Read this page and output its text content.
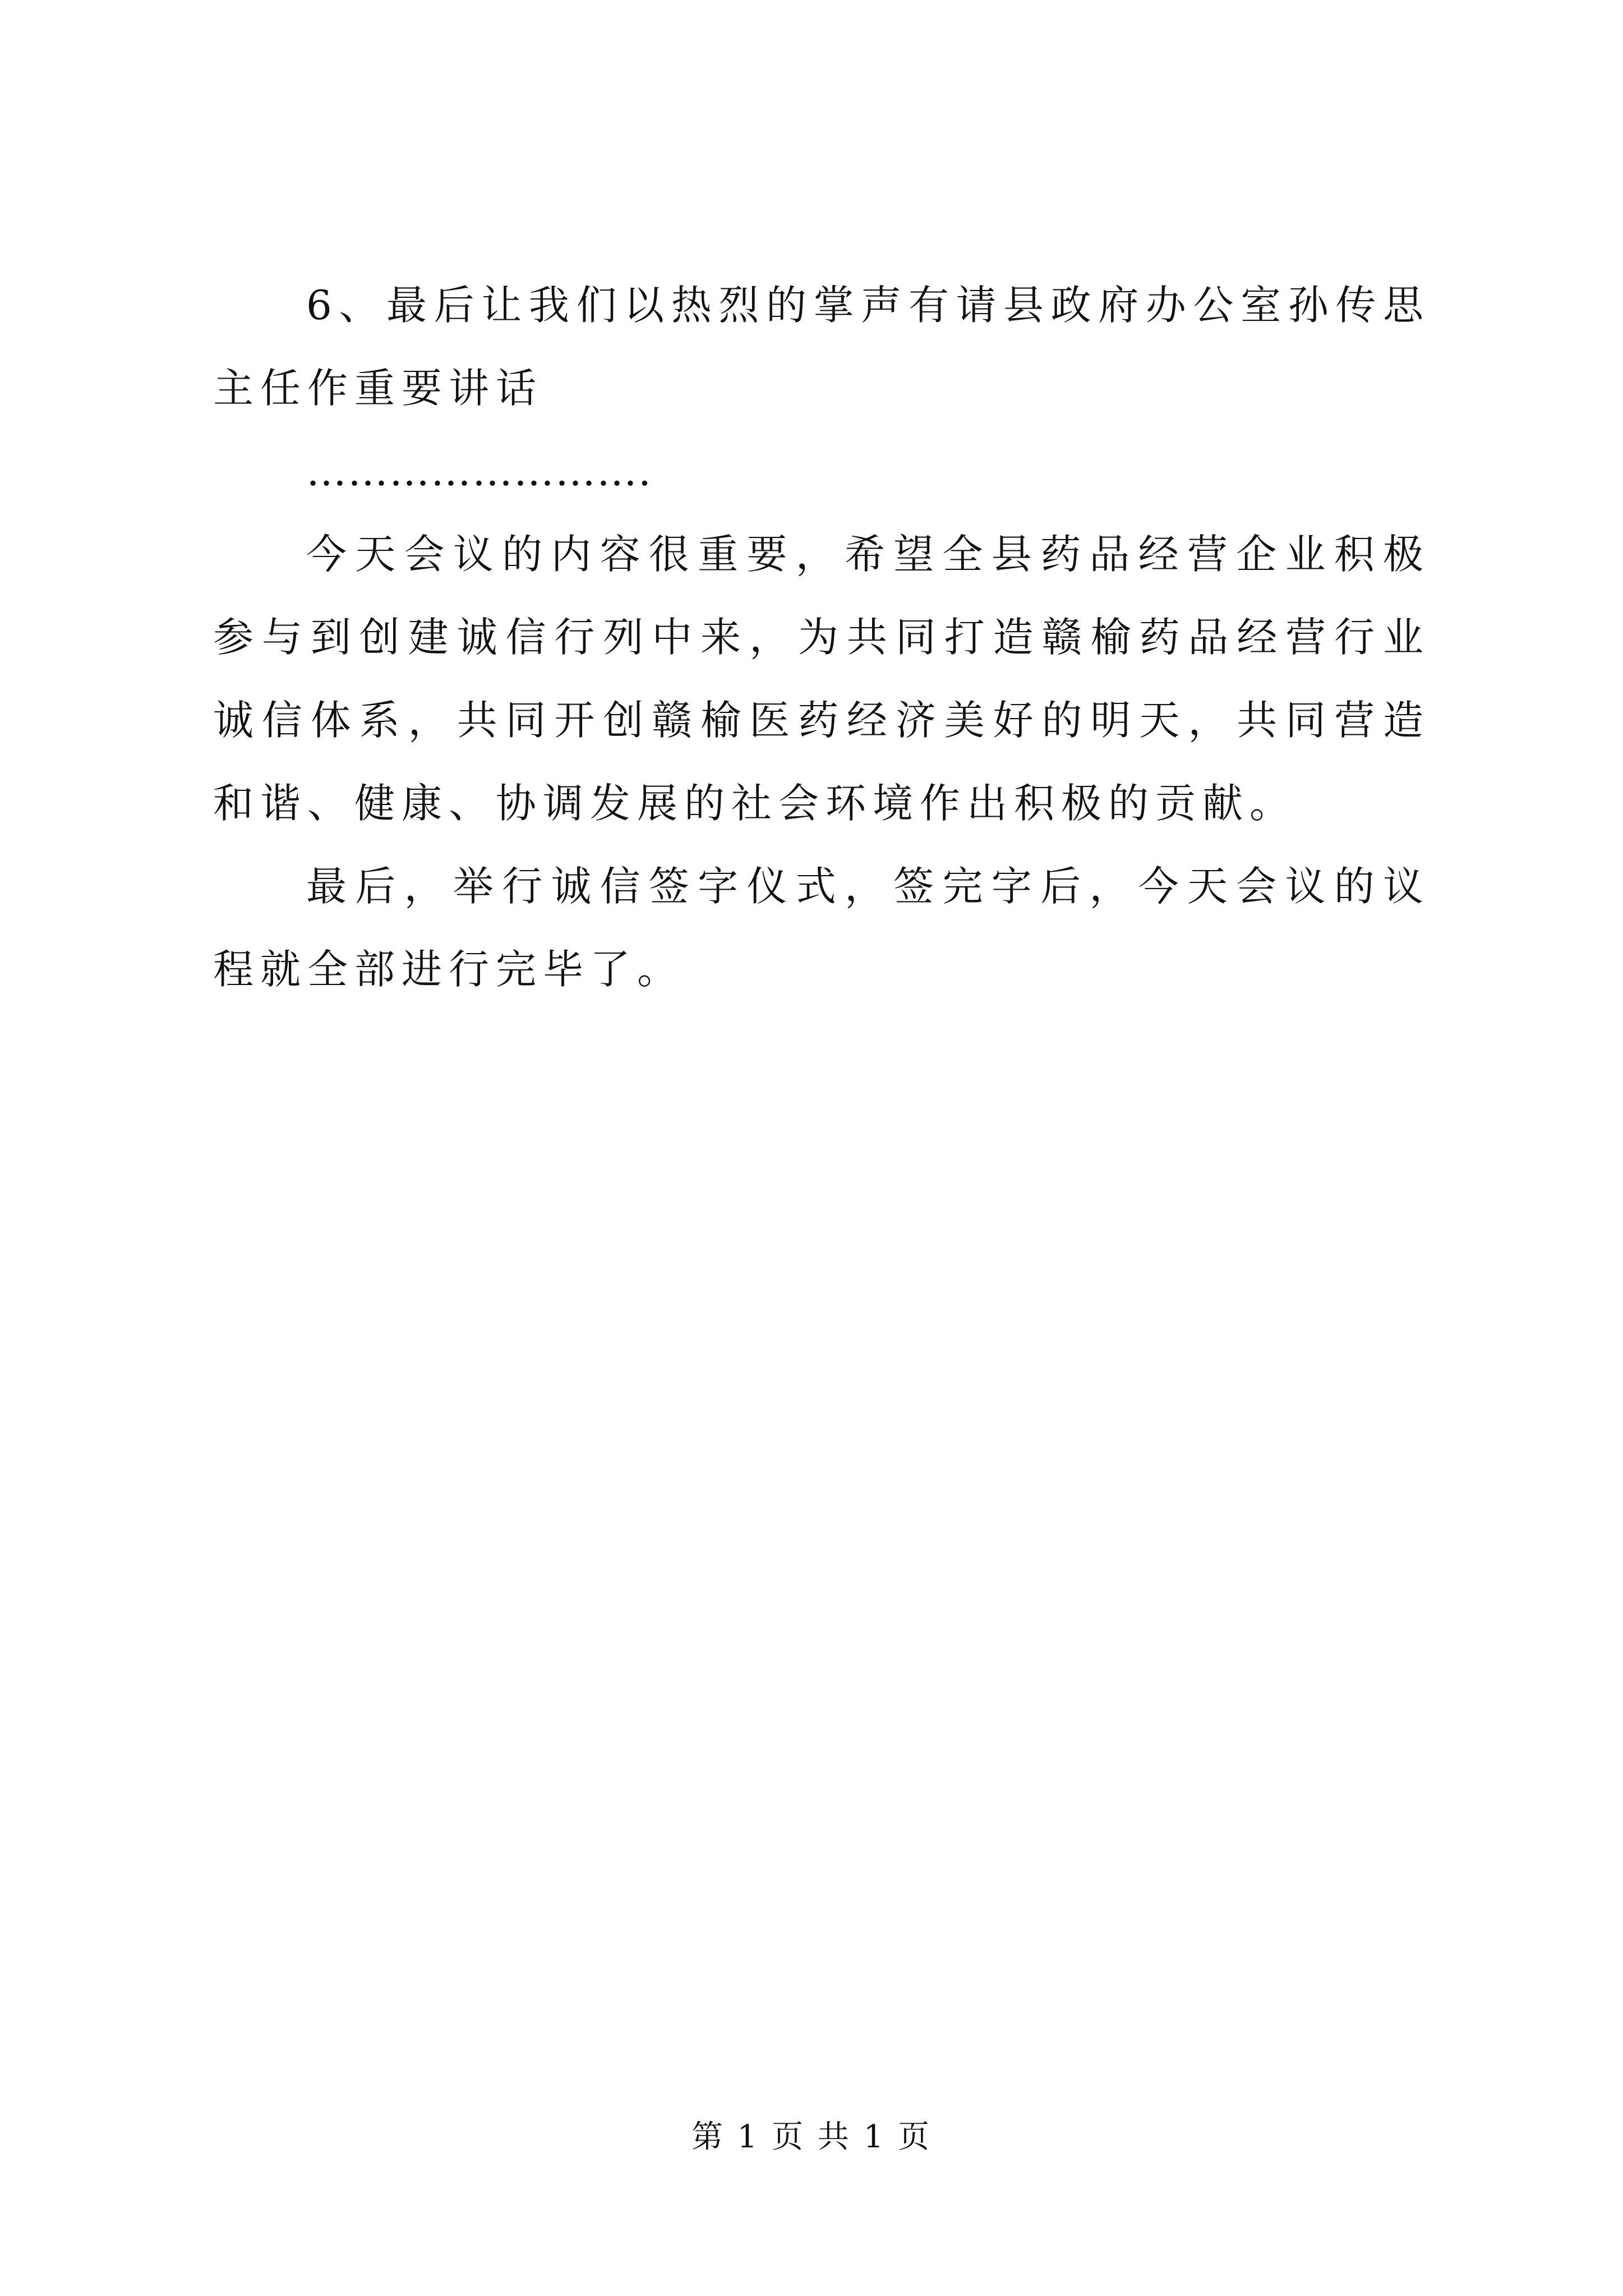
6、最后让我们以热烈的掌声有请县政府办公室孙传思主任作重要讲话

…………………….

今天会议的内容很重要，希望全县药品经营企业积极参与到创建诚信行列中来，为共同打造赣榆药品经营行业诚信体系，共同开创赣榆医药经济美好的明天，共同营造和谐、健康、协调发展的社会环境作出积极的贡献。

最后，举行诚信签字仪式，签完字后，今天会议的议程就全部进行完毕了。

第 1 页 共 1 页
